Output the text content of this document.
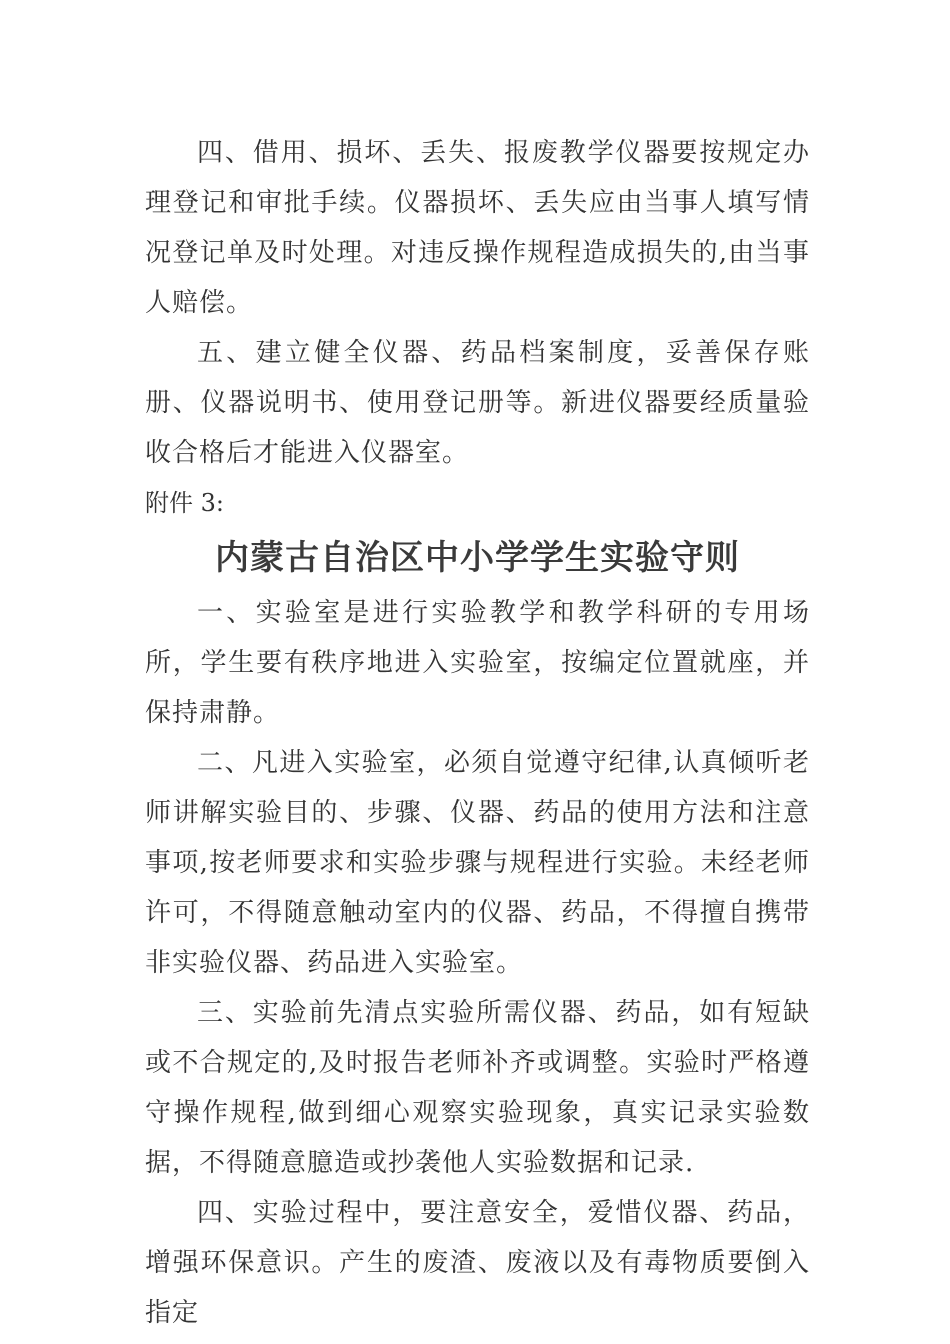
四、借用、损坏、丢失、报废教学仪器要按规定办理登记和审批手续。仪器损坏、丢失应由当事人填写情况登记单及时处理。对违反操作规程造成损失的,由当事人赔偿。

五、建立健全仪器、药品档案制度，妥善保存账册、仪器说明书、使用登记册等。新进仪器要经质量验收合格后才能进入仪器室。

附件 3:

内蒙古自治区中小学学生实验守则

一、实验室是进行实验教学和教学科研的专用场所，学生要有秩序地进入实验室，按编定位置就座，并保持肃静。

二、凡进入实验室，必须自觉遵守纪律,认真倾听老师讲解实验目的、步骤、仪器、药品的使用方法和注意事项,按老师要求和实验步骤与规程进行实验。未经老师许可，不得随意触动室内的仪器、药品，不得擅自携带非实验仪器、药品进入实验室。

三、实验前先清点实验所需仪器、药品，如有短缺或不合规定的,及时报告老师补齐或调整。实验时严格遵守操作规程,做到细心观察实验现象，真实记录实验数据，不得随意臆造或抄袭他人实验数据和记录.

四、实验过程中，要注意安全，爱惜仪器、药品，增强环保意识。产生的废渣、废液以及有毒物质要倒入指定
